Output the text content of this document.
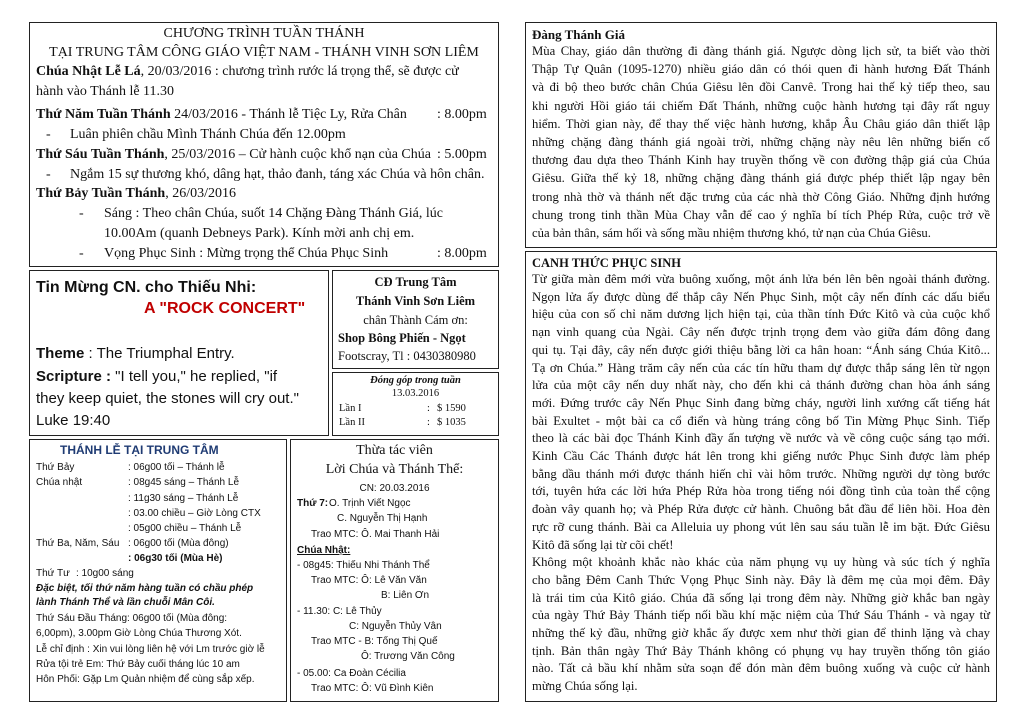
CHƯƠNG TRÌNH TUẦN THÁNH
TẠI TRUNG TÂM CÔNG GIÁO VIỆT NAM - THÁNH VINH SƠN LIÊM
Chúa Nhật Lễ Lá, 20/03/2016 : chương trình rước lá trọng thể, sẽ được cử
hành vào Thánh lễ 11.30
Thứ Năm Tuần Thánh 24/03/2016 - Thánh lễ Tiệc Ly, Rửa Chân : 8.00pm
- Luân phiên chầu Mình Thánh Chúa đến 12.00pm
Thứ Sáu Tuần Thánh, 25/03/2016 – Cử hành cuộc khổ nạn của Chúa : 5.00pm
- Ngắm 15 sự thương khó, dâng hạt, thảo đanh, táng xác Chúa và hôn chân.
Thứ Bảy Tuần Thánh, 26/03/2016
- Sáng : Theo chân Chúa, suốt 14 Chặng Đàng Thánh Giá, lúc
10.00Am (quanh Debneys Park). Kính mời anh chị em.
- Vọng Phục Sinh : Mừng trọng thể Chúa Phục Sinh	: 8.00pm
Tin Mừng CN. cho Thiếu Nhi:
A "ROCK CONCERT"
Theme : The Triumphal Entry.
Scripture : "I tell you," he replied, "if
they keep quiet, the stones will cry out."
Luke 19:40
CĐ Trung Tâm
Thánh Vinh Sơn Liêm
chân Thành Cám ơn:
Shop Bông Phiến - Ngọt
Footscray, Tl : 0430380980
Đóng góp trong tuần
13.03.2016
Lần I	: $ 1590
Lần II	: $ 1035
THÁNH LỄ TẠI TRUNG TÂM
Thứ Bảy	: 06g00 tối – Thánh lễ
Chúa nhật	: 08g45 sáng – Thánh Lễ
: 11g30 sáng – Thánh Lễ
: 03.00 chiều – Giờ Lòng CTX
: 05g00 chiều – Thánh Lễ
Thứ Ba, Năm, Sáu : 06g00 tối (Mùa đông)
: 06g30 tối (Mùa Hè)
Thứ Tư : 10g00 sáng
Đặc biệt, tối thứ năm hàng tuần có chầu phép
lành Thánh Thể và lần chuỗi Mân Côi.
Thứ Sáu Đầu Tháng: 06g00 tối (Mùa đông:
6,00pm), 3.00pm Giờ Lòng Chúa Thương Xót.
Lễ chỉ định : Xin vui lòng liên hệ với Lm trước giờ lễ
Rửa tội trẻ Em: Thứ Bảy cuối tháng lúc 10 am
Hôn Phối: Gặp Lm Quản nhiệm để cùng sắp xếp.
Thừa tác viên
Lời Chúa và Thánh Thể:
CN: 20.03.2016
Thứ 7: O. Trịnh Viết Ngọc
C. Nguyễn Thị Hạnh
Trao MTC: Ô. Mai Thanh Hải
Chúa Nhật:
- 08g45: Thiếu Nhi Thánh Thể
Trao MTC: Ô: Lê Văn Văn
B: Liên Ơn
- 11.30: C: Lê Thủy
C: Nguyễn Thủy Vân
Trao MTC - B: Tống Thị Quế
Ô: Trương Văn Công
- 05.00: Ca Đoàn Cécilia
Trao MTC: Ô: Vũ Đình Kiên
Đàng Thánh Giá
Mùa Chay, giáo dân thường đi đàng thánh giá. Ngược dòng lịch sử, ta biết vào thời
Thập Tự Quân (1095-1270) nhiều giáo dân có thói quen đi hành hương Đất Thánh
và đi bộ theo bước chân Chúa Giêsu lên đồi Canvê. Trong hai thế kỷ tiếp theo, sau
khi người Hồi giáo tái chiếm Đất Thánh, những cuộc hành hương tại đây rất nguy
hiểm. Thời gian này, để thay thế việc hành hương, khắp Âu Châu giáo dân thiết lập
những chặng đàng thánh giá ngoài trời, những chặng này nêu lên những biến cố
thương đau dựa theo Thánh Kinh hay truyền thống về con đường thập giá của Chúa
Giêsu. Giữa thế kỷ 18, những chặng đàng thánh giá được phép thiết lập ngay bên
trong nhà thờ và thánh nết đặc trưng của các nhà thờ Công Giáo. Những định hướng
chung trong tinh thần Mùa Chay vẫn để cao ý nghĩa bí tích Phép Rửa, cuộc trở về
của bản thân, sám hối và sống mầu nhiệm thương khó, tử nạn của Chúa Giêsu.
CANH THỨC PHỤC SINH
Từ giữa màn đêm mới vừa buông xuống, một ánh lửa bén lên bên ngoài thánh đường.
Ngọn lửa ấy được dùng để thắp cây Nến Phục Sinh, một cây nến đính các dấu biểu
hiệu của con số chỉ năm dương lịch hiện tại, của thần tính Đức Kitô và của cuộc khổ
nạn vinh quang của Ngài. Cây nến được trịnh trọng đem vào giữa đám đông đang
qui tụ. Tại đây, cây nến được giới thiệu bằng lời ca hân hoan: “Ánh sáng Chúa Kitô...
Tạ ơn Chúa.” Hàng trăm cây nến của các tín hữu tham dự được thắp sáng lên từ ngọn
lửa của một cây nến duy nhất này, cho đến khi cả thánh đường chan hòa ánh sáng
mới. Đứng trước cây Nến Phục Sinh đang bừng cháy, người linh xướng cất tiếng hát
bài Exultet - một bài ca cổ điển và hùng tráng công bố Tin Mừng Phục Sinh. Tiếp
theo là các bài đọc Thánh Kinh đầy ấn tượng về nước và về công cuộc sáng tạo mới.
Kinh Cầu Các Thánh được hát lên trong khi giếng nước Phục Sinh được làm phép
bằng dầu thánh mới được thánh hiến chỉ vài hôm trước. Những người dự tòng bước
tới, tuyên hứa các lời hứa Phép Rửa hòa trong tiếng nói đồng tình của toàn thể cộng
đoàn vây quanh họ; và Phép Rửa được cử hành. Chuông bắt đầu để liên hồi. Hoa đèn
rực rỡ cung thánh. Bài ca Alleluia uy phong vút lên sau sáu tuần lễ im bặt. Đức Giêsu
Kitô đã sống lại từ cõi chết!
Không một khoảnh khắc nào khác của năm phụng vụ uy hùng và súc tích ý nghĩa
cho bằng Đêm Canh Thức Vọng Phục Sinh này. Đây là đêm mẹ của mọi đêm. Đây
là trái tim của Kitô giáo. Chúa đã sống lại trong đêm này. Những giờ khắc ban ngày
của ngày Thứ Bảy Thánh tiếp nối bầu khí mặc niệm của Thứ Sáu Thánh - và ngay từ
những thế kỷ đầu, những giờ khắc ấy được xem như thời gian để thinh lặng và chay
tịnh. Bản thân ngày Thứ Bảy Thánh không có phụng vụ hay truyền thống tôn giáo
nào. Tất cả bầu khí nhằm sửa soạn để đón màn đêm buông xuống và cuộc cử hành
mừng Chúa sống lại.
